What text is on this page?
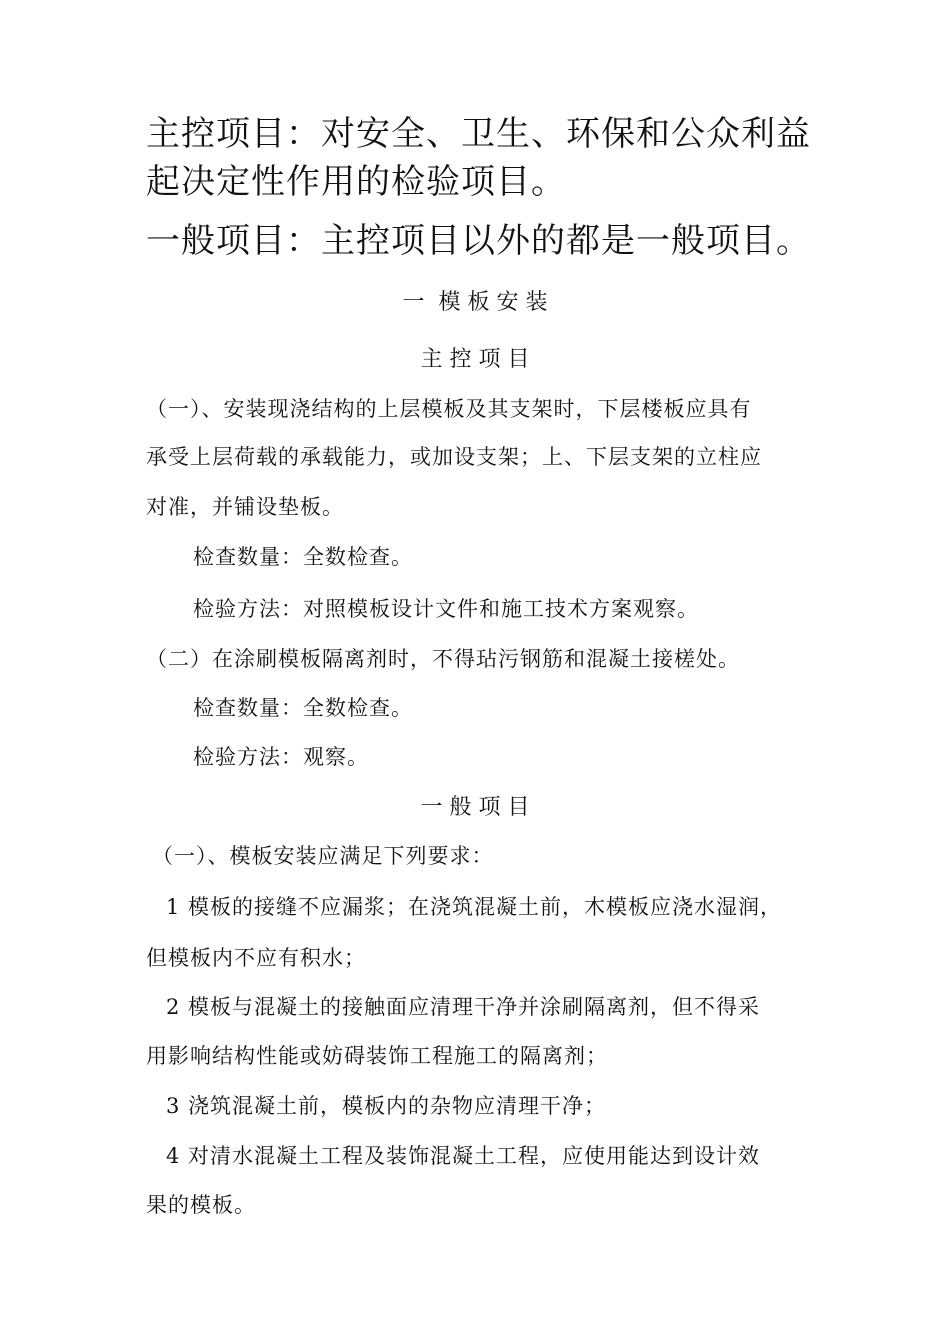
主控项目：对安全、卫生、环保和公众利益

起决定性作用的检验项目。

一般项目：主控项目以外的都是一般项目。

一  模 板 安 装

主 控 项 目

（一）、安装现浇结构的上层模板及其支架时，下层楼板应具有

承受上层荷载的承载能力，或加设支架；上、下层支架的立柱应

对准，并铺设垫板。

检查数量：全数检查。

检验方法：对照模板设计文件和施工技术方案观察。

（二）在涂刷模板隔离剂时，不得玷污钢筋和混凝土接槎处。

检查数量：全数检查。

检验方法：观察。

一 般 项 目

（一）、模板安装应满足下列要求：

1 模板的接缝不应漏浆；在浇筑混凝土前，木模板应浇水湿润，

但模板内不应有积水；

2 模板与混凝土的接触面应清理干净并涂刷隔离剂，但不得采

用影响结构性能或妨碍装饰工程施工的隔离剂；

3 浇筑混凝土前，模板内的杂物应清理干净；

4 对清水混凝土工程及装饰混凝土工程，应使用能达到设计效

果的模板。
